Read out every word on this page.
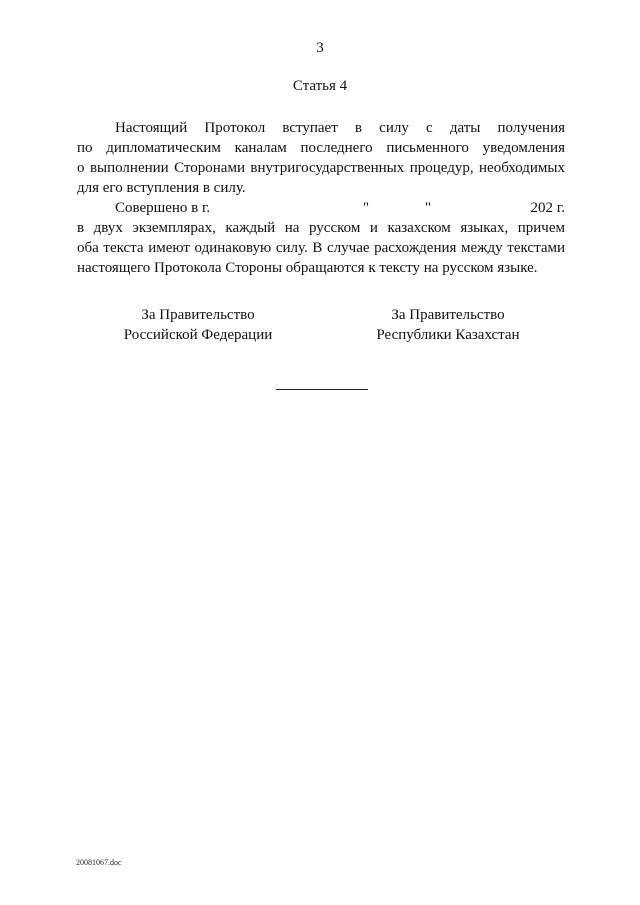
3
Статья 4
Настоящий Протокол вступает в силу с даты получения
по дипломатическим каналам последнего письменного уведомления
о выполнении Сторонами внутригосударственных процедур, необходимых
для его вступления в силу.
Совершено в г.	"	"	202 г.
в двух экземплярах, каждый на русском и казахском языках, причем
оба текста имеют одинаковую силу. В случае расхождения между текстами
настоящего Протокола Стороны обращаются к тексту на русском языке.
За Правительство
Российской Федерации
За Правительство
Республики Казахстан
20081067.doc
